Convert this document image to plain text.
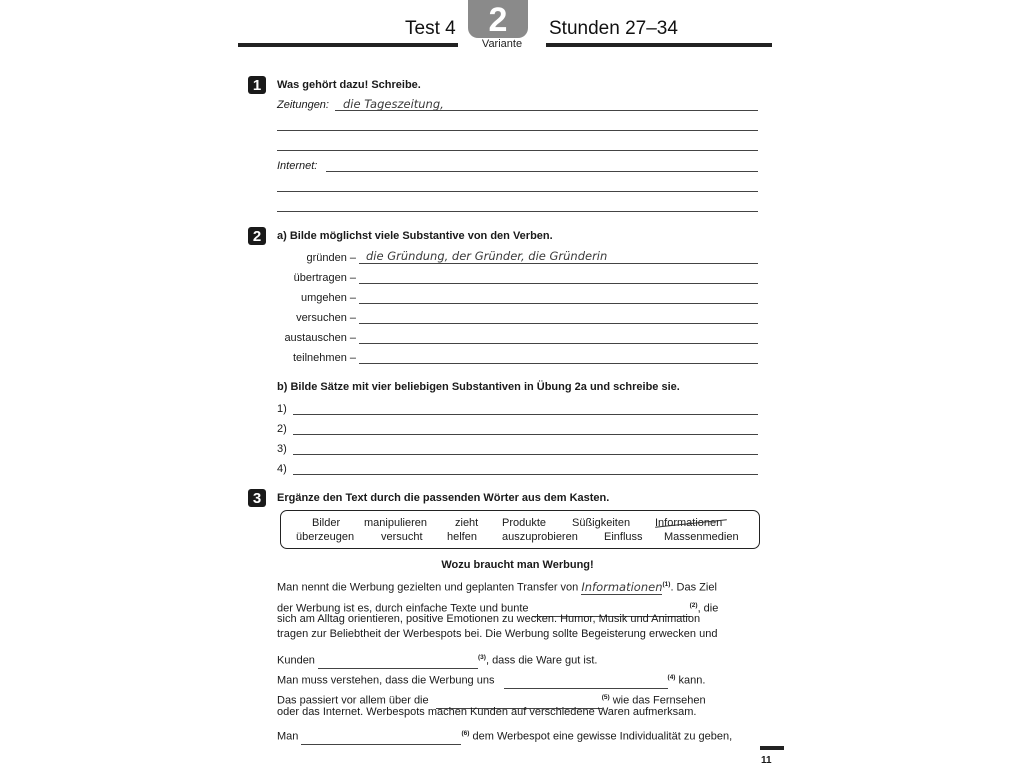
Test 4 2
Variante
Stunden 27–34
1	Was gehört dazu! Schreibe.
Zeitungen: die Tageszeitung,
Internet:
2	a) Bilde möglichst viele Substantive von den Verben.
gründen – die Gründung, der Gründer, die Gründerin
übertragen –
umgehen –
versuchen –
austauschen –
teilnehmen –
b) Bilde Sätze mit vier beliebigen Substantiven in Übung 2a und schreibe sie.
1)
2)
3)
4)
3	Ergänze den Text durch die passenden Wörter aus dem Kasten.
Bilder manipulieren	zieht Produkte Süßigkeiten Informationen
überzeugen versucht helfen auszuprobieren Einfluss Massenmedien
Wozu braucht man Werbung!
Man nennt die Werbung gezielten und geplanten Transfer von Informationen$^{(1)}$. Das Ziel
der Werbung ist es, durch einfache Texte und bunte	$^{(2)}$, die
sich am Alltag orientieren, positive Emotionen zu wecken. Humor, Musik und Animation
tragen zur Beliebtheit der Werbespots bei. Die Werbung sollte Begeisterung erwecken und
Kunden	$^{(3)}$, dass die Ware gut ist.
Man muss verstehen, dass die Werbung uns	$^{(4)}$ kann.
Das passiert vor allem über die	$^{(5)}$ wie das Fernsehen
oder das Internet. Werbespots machen Kunden auf verschiedene Waren aufmerksam.
Man	$^{(6)}$ dem Werbespot eine gewisse Individualität zu geben,
11
